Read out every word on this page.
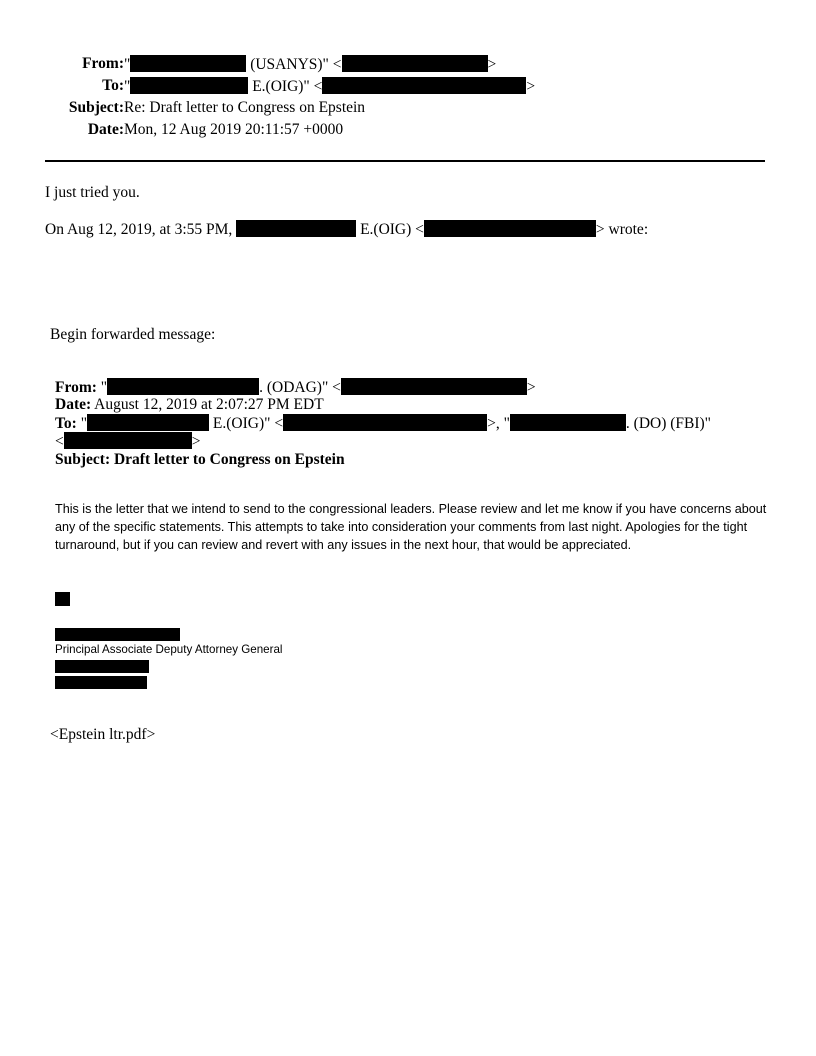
From: "	(USANYS)" <	>
To: "	E.(OIG)" <	>
Subject: Re: Draft letter to Congress on Epstein
Date: Mon, 12 Aug 2019 20:11:57 +0000
I just tried you.
On Aug 12, 2019, at 3:55 PM,	E.(OIG) <	> wrote:
Begin forwarded message:
From: "	. (ODAG)" <	>
Date: August 12, 2019 at 2:07:27 PM EDT
To: "	E.(OIG)" <	>, "	. (DO) (FBI)"
<	>
Subject: Draft letter to Congress on Epstein
This is the letter that we intend to send to the congressional leaders. Please review and let me know if you have concerns about any of the specific statements. This attempts to take into consideration your comments from last night. Apologies for the tight turnaround, but if you can review and revert with any issues in the next hour, that would be appreciated.
Principal Associate Deputy Attorney General
<Epstein ltr.pdf>
